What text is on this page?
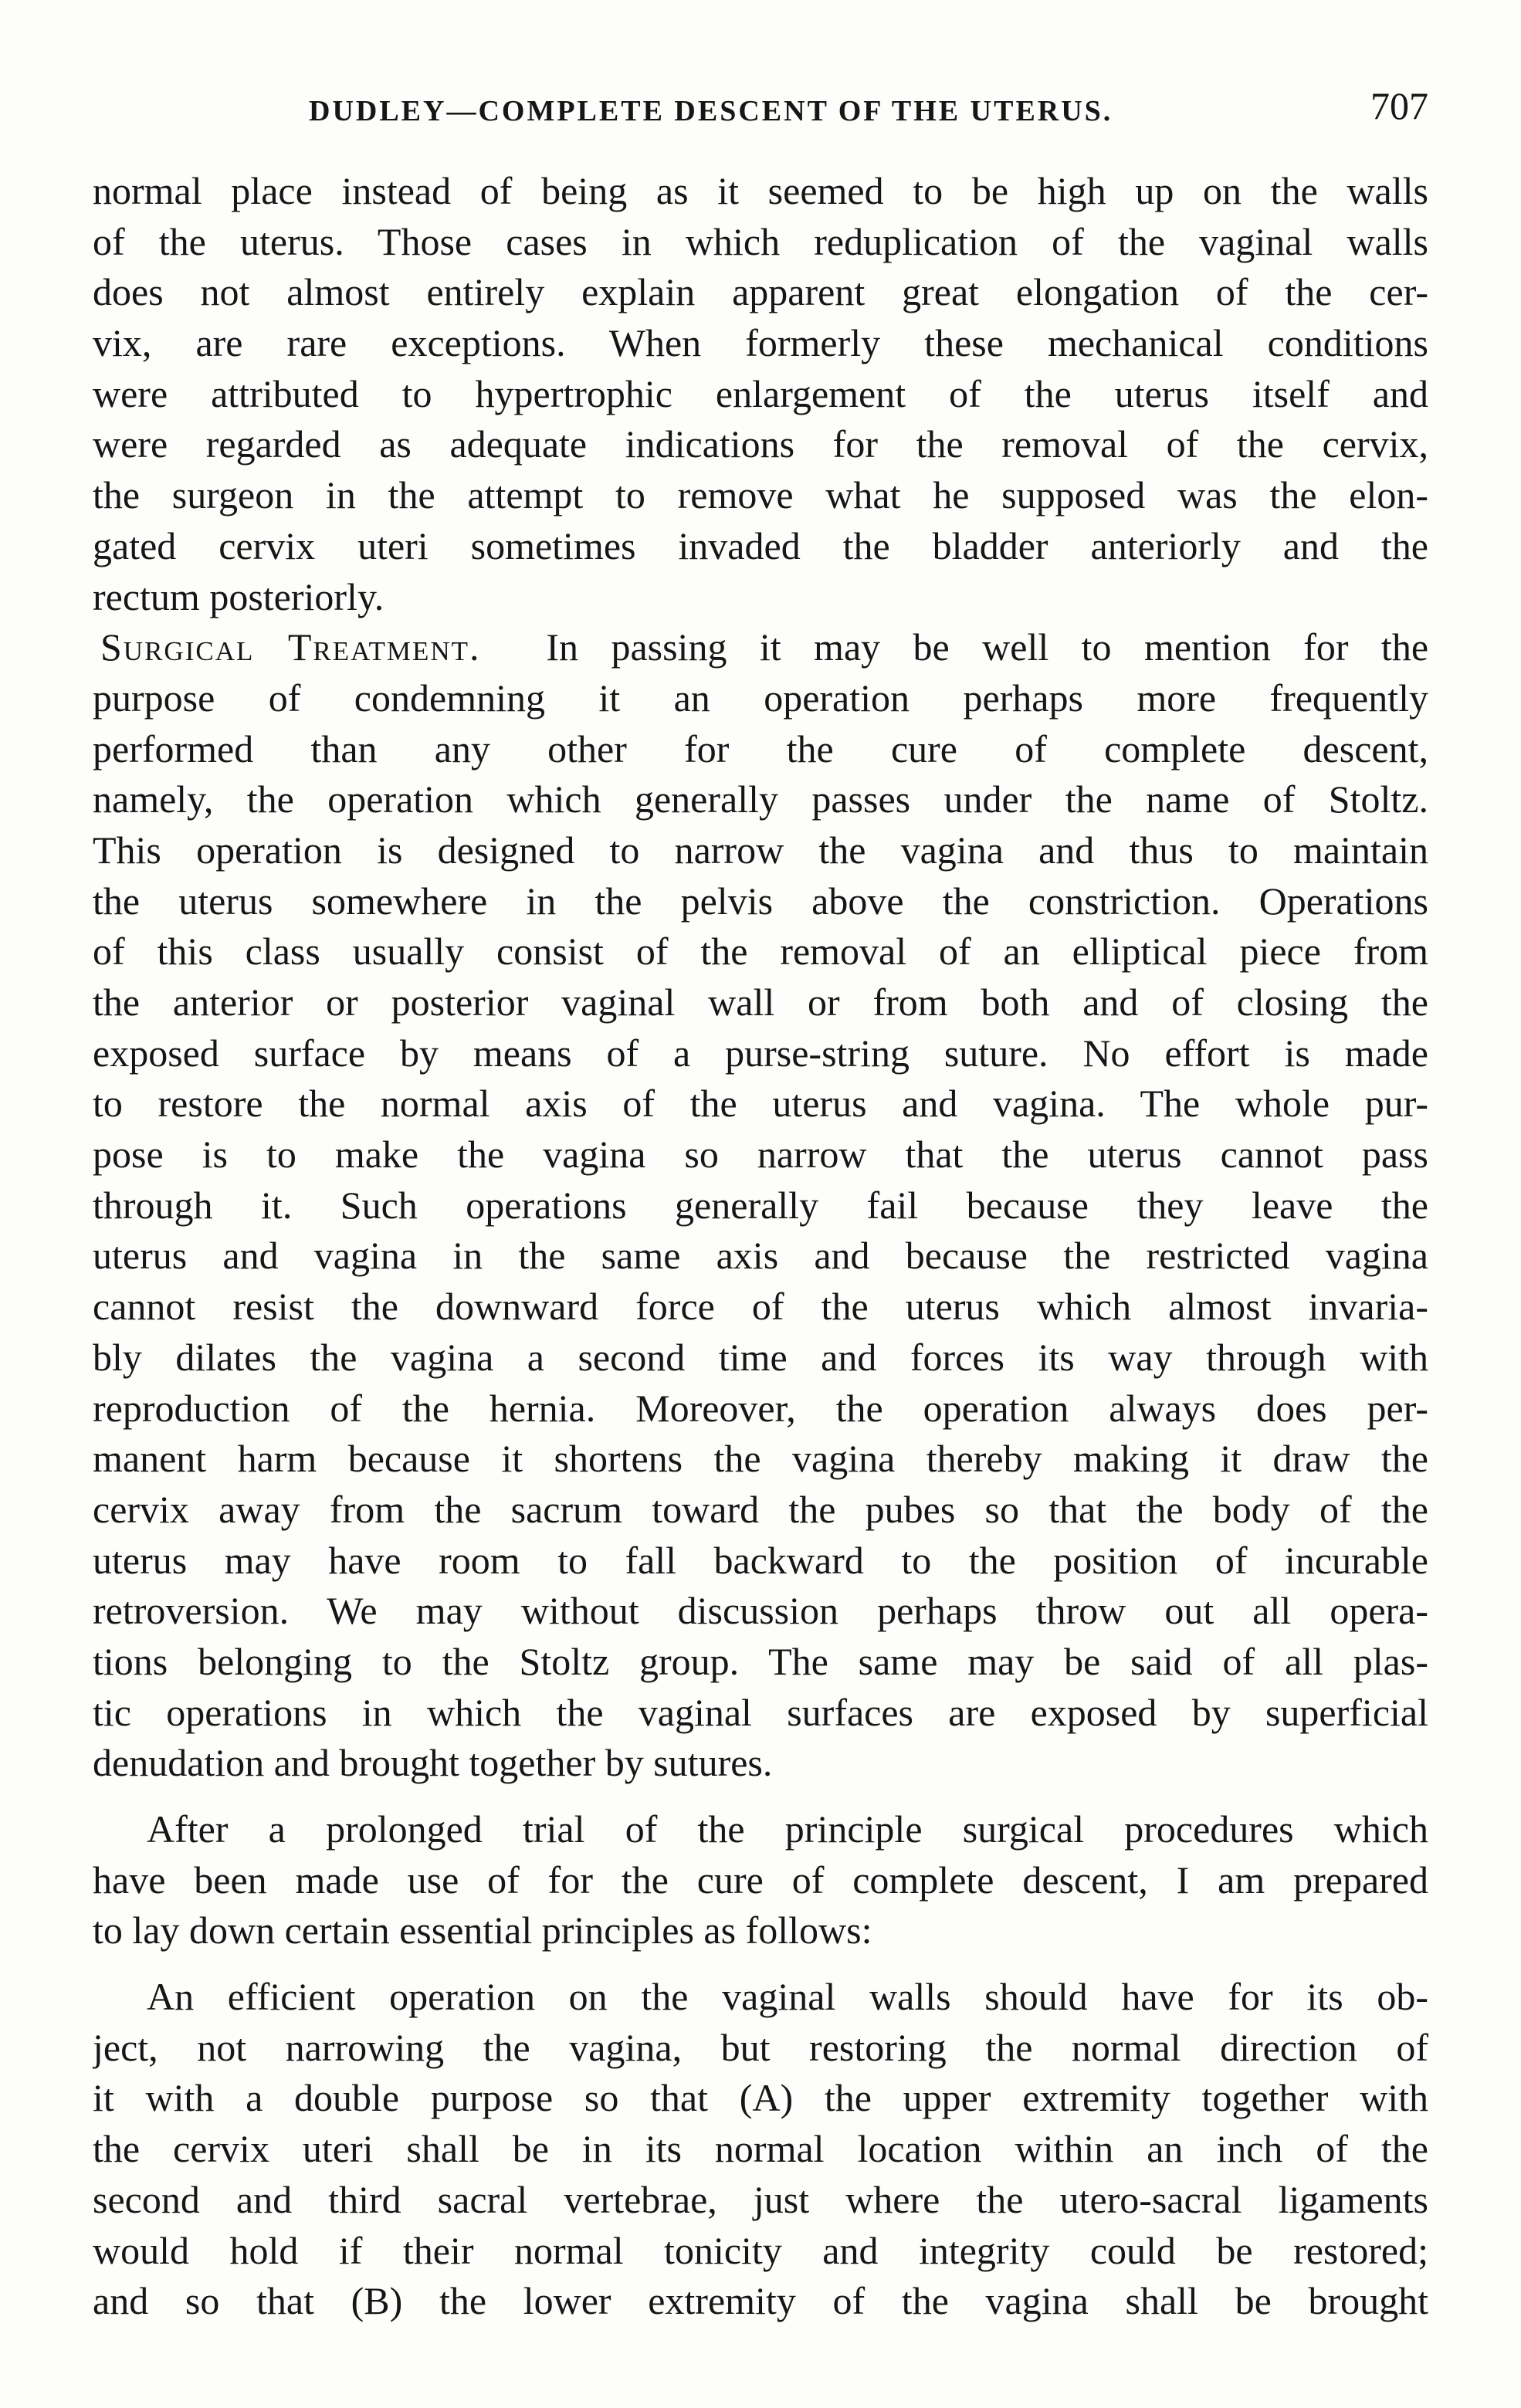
DUDLEY—COMPLETE DESCENT OF THE UTERUS.	707
normal place instead of being as it seemed to be high up on the walls
of the uterus. Those cases in which reduplication of the vaginal walls
does not almost entirely explain apparent great elongation of the cer-
vix, are rare exceptions. When formerly these mechanical conditions
were attributed to hypertrophic enlargement of the uterus itself and
were regarded as adequate indications for the removal of the cervix,
the surgeon in the attempt to remove what he supposed was the elon-
gated cervix uteri sometimes invaded the bladder anteriorly and the
rectum posteriorly.
Surgical Treatment. In passing it may be well to mention for the
purpose of condemning it an operation perhaps more frequently
performed than any other for the cure of complete descent,
namely, the operation which generally passes under the name of Stoltz.
This operation is designed to narrow the vagina and thus to maintain
the uterus somewhere in the pelvis above the constriction. Operations
of this class usually consist of the removal of an elliptical piece from
the anterior or posterior vaginal wall or from both and of closing the
exposed surface by means of a purse-string suture. No effort is made
to restore the normal axis of the uterus and vagina. The whole pur-
pose is to make the vagina so narrow that the uterus cannot pass
through it. Such operations generally fail because they leave the
uterus and vagina in the same axis and because the restricted vagina
cannot resist the downward force of the uterus which almost invaria-
bly dilates the vagina a second time and forces its way through with
reproduction of the hernia. Moreover, the operation always does per-
manent harm because it shortens the vagina thereby making it draw the
cervix away from the sacrum toward the pubes so that the body of the
uterus may have room to fall backward to the position of incurable
retroversion. We may without discussion perhaps throw out all opera-
tions belonging to the Stoltz group. The same may be said of all plas-
tic operations in which the vaginal surfaces are exposed by superficial
denudation and brought together by sutures.
After a prolonged trial of the principle surgical procedures which
have been made use of for the cure of complete descent, I am prepared
to lay down certain essential principles as follows:
An efficient operation on the vaginal walls should have for its ob-
ject, not narrowing the vagina, but restoring the normal direction of
it with a double purpose so that (A) the upper extremity together with
the cervix uteri shall be in its normal location within an inch of the
second and third sacral vertebrae, just where the utero-sacral ligaments
would hold if their normal tonicity and integrity could be restored;
and so that (B) the lower extremity of the vagina shall be brought
